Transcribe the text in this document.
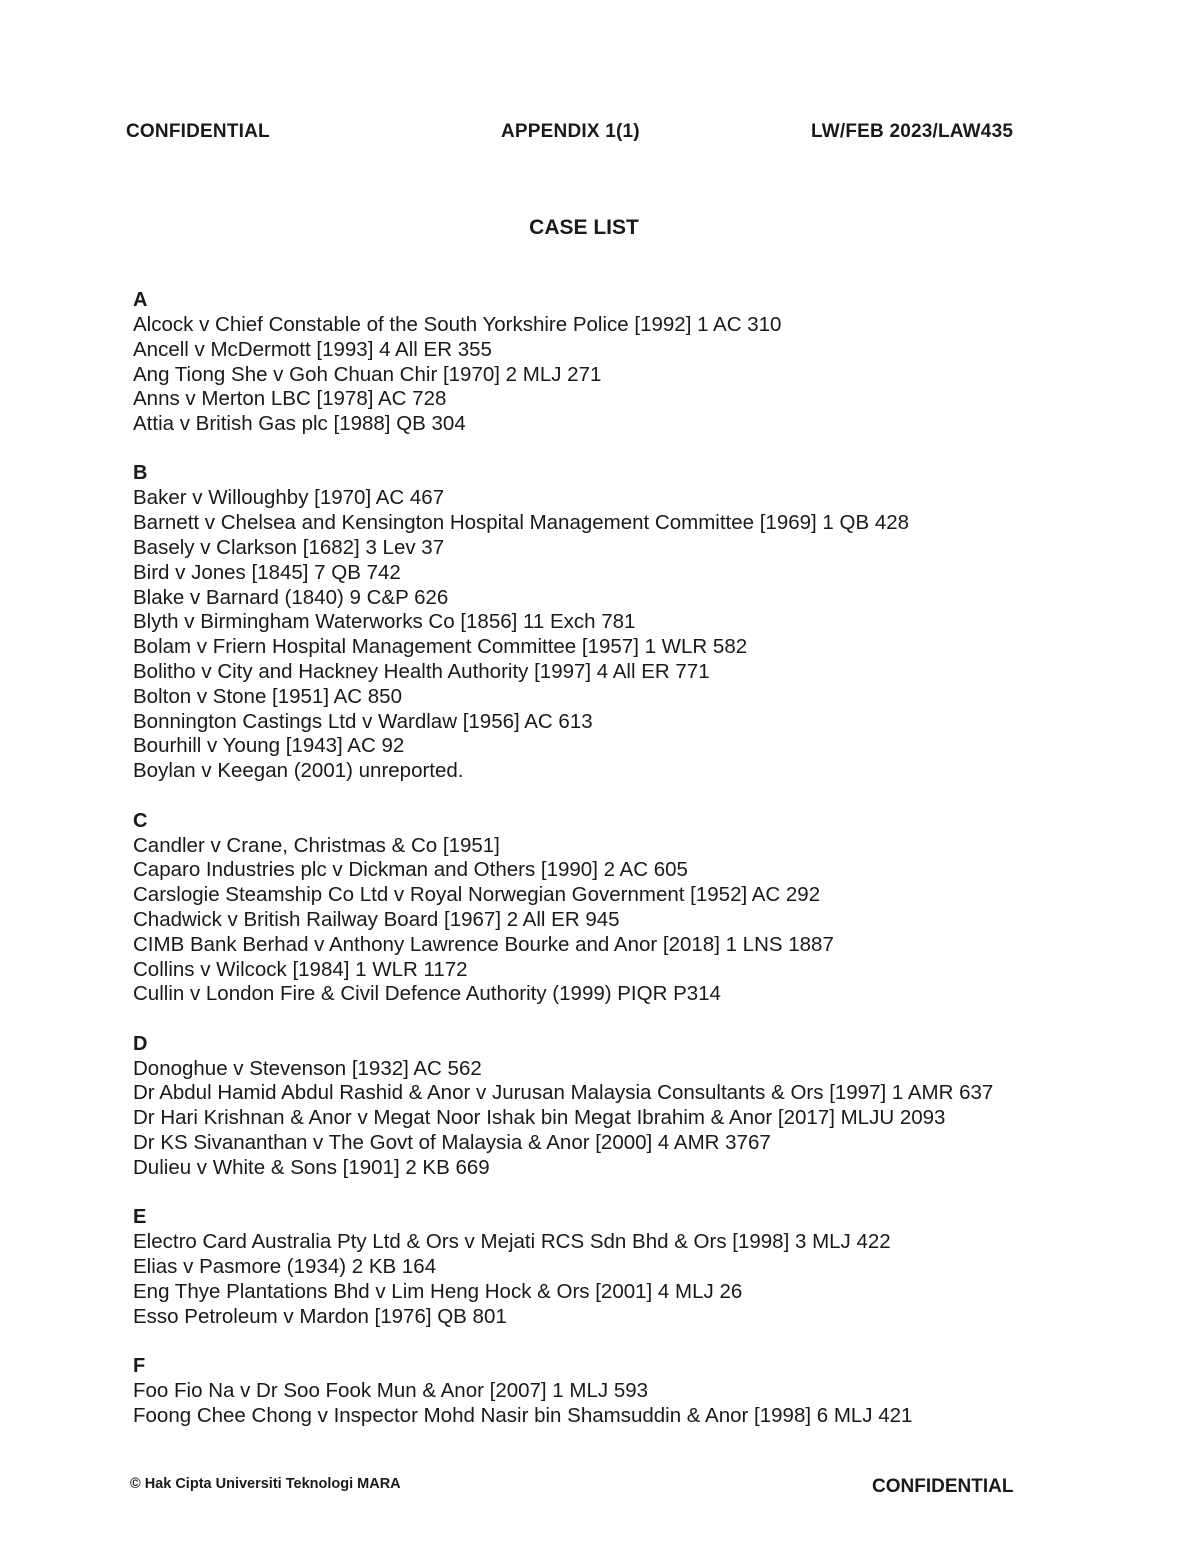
CONFIDENTIAL	APPENDIX 1(1)	LW/FEB 2023/LAW435
CASE LIST
A
Alcock v Chief Constable of the South Yorkshire Police [1992] 1 AC 310
Ancell v McDermott [1993] 4 All ER 355
Ang Tiong She v Goh Chuan Chir [1970] 2 MLJ 271
Anns v Merton LBC [1978] AC 728
Attia v British Gas plc [1988] QB 304
B
Baker v Willoughby [1970] AC 467
Barnett v Chelsea and Kensington Hospital Management Committee [1969] 1 QB 428
Basely v Clarkson [1682] 3 Lev 37
Bird v Jones [1845] 7 QB 742
Blake v Barnard (1840) 9 C&P 626
Blyth v Birmingham Waterworks Co [1856] 11 Exch 781
Bolam v Friern Hospital Management Committee [1957] 1 WLR 582
Bolitho v City and Hackney Health Authority [1997] 4 All ER 771
Bolton v Stone [1951] AC 850
Bonnington Castings Ltd v Wardlaw [1956] AC 613
Bourhill v Young [1943] AC 92
Boylan v Keegan (2001) unreported.
C
Candler v Crane, Christmas & Co [1951]
Caparo Industries plc v Dickman and Others [1990] 2 AC 605
Carslogie Steamship Co Ltd v Royal Norwegian Government [1952] AC 292
Chadwick v British Railway Board [1967] 2 All ER 945
CIMB Bank Berhad v Anthony Lawrence Bourke and Anor [2018] 1 LNS 1887
Collins v Wilcock [1984] 1 WLR 1172
Cullin v London Fire & Civil Defence Authority (1999) PIQR P314
D
Donoghue v Stevenson [1932] AC 562
Dr Abdul Hamid Abdul Rashid & Anor v Jurusan Malaysia Consultants & Ors [1997] 1 AMR 637
Dr Hari Krishnan & Anor v Megat Noor Ishak bin Megat Ibrahim & Anor [2017] MLJU 2093
Dr KS Sivananthan v The Govt of Malaysia & Anor [2000] 4 AMR 3767
Dulieu v White & Sons [1901] 2 KB 669
E
Electro Card Australia Pty Ltd & Ors v Mejati RCS Sdn Bhd & Ors [1998] 3 MLJ 422
Elias v Pasmore (1934) 2 KB 164
Eng Thye Plantations Bhd v Lim Heng Hock & Ors [2001] 4 MLJ 26
Esso Petroleum v Mardon [1976] QB 801
F
Foo Fio Na v Dr Soo Fook Mun & Anor [2007] 1 MLJ 593
Foong Chee Chong v Inspector Mohd Nasir bin Shamsuddin & Anor [1998] 6 MLJ 421
© Hak Cipta Universiti Teknologi MARA	CONFIDENTIAL
